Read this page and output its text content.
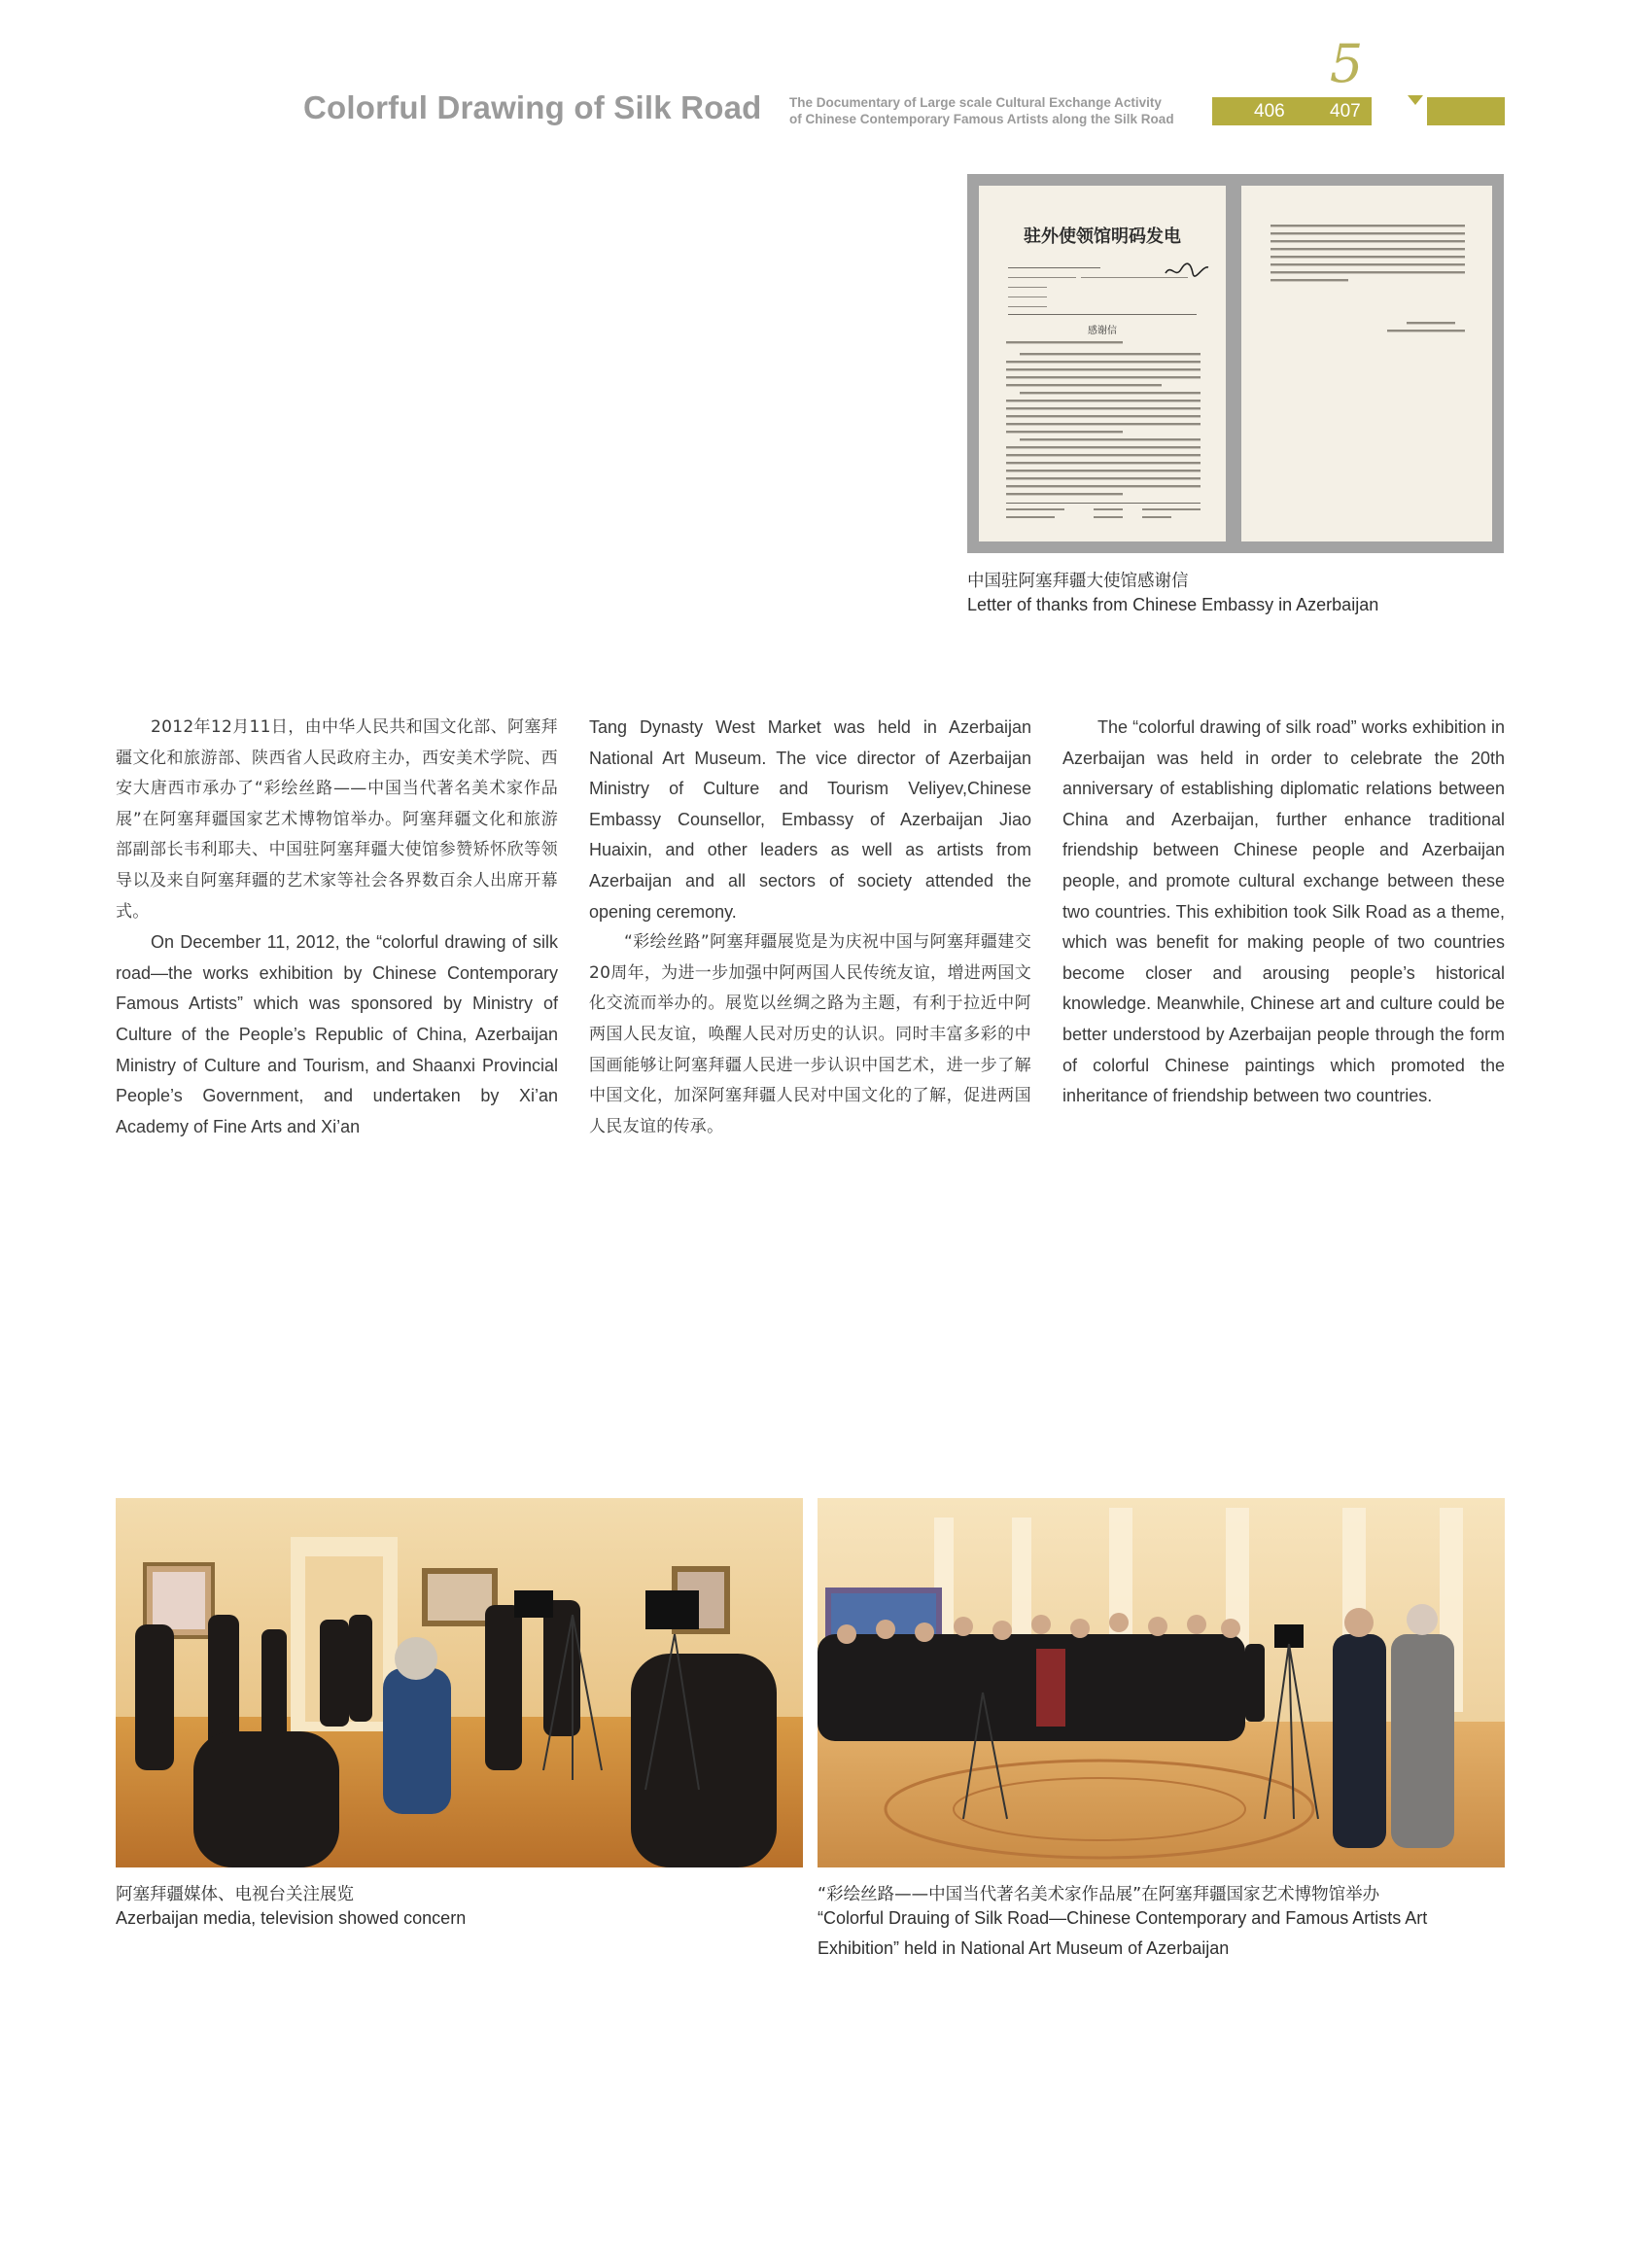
Colorful Drawing of Silk Road	The Documentary of Large scale Cultural Exchange Activity
of Chinese Contemporary Famous Artists along the Silk Road
5
406 407
驻外使领馆明码发电
感谢信
中国驻阿塞拜疆大使馆感谢信
Letter of thanks from Chinese Embassy in Azerbaijan

2012年12月11日，由中华人民共和国文化部、阿塞拜疆文化和旅游部、陕西省人民政府主办，西安美术学院、西安大唐西市承办了“彩绘丝路——中国当代著名美术家作品展”在阿塞拜疆国家艺术博物馆举办。阿塞拜疆文化和旅游部副部长韦利耶夫、中国驻阿塞拜疆大使馆参赞矫怀欣等领导以及来自阿塞拜疆的艺术家等社会各界数百余人出席开幕式。

On December 11, 2012, the “colorful drawing of silk road—the works exhibition by Chinese Contemporary Famous Artists” which was sponsored by Ministry of Culture of the People’s Republic of China, Azerbaijan Ministry of Culture and Tourism, and Shaanxi Provincial People’s Government, and undertaken by Xi’an Academy of Fine Arts and Xi’an

Tang Dynasty West Market was held in Azerbaijan National Art Museum. The vice director of Azerbaijan Ministry of Culture and Tourism Veliyev,Chinese Embassy Counsellor, Embassy of Azerbaijan Jiao Huaixin, and other leaders as well as artists from Azerbaijan and all sectors of society attended the opening ceremony.

“彩绘丝路”阿塞拜疆展览是为庆祝中国与阿塞拜疆建交20周年，为进一步加强中阿两国人民传统友谊，增进两国文化交流而举办的。展览以丝绸之路为主题，有利于拉近中阿两国人民友谊，唤醒人民对历史的认识。同时丰富多彩的中国画能够让阿塞拜疆人民进一步认识中国艺术，进一步了解中国文化，加深阿塞拜疆人民对中国文化的了解，促进两国人民友谊的传承。

The “colorful drawing of silk road” works exhibition in Azerbaijan was held in order to celebrate the 20th anniversary of establishing diplomatic relations between China and Azerbaijan, further enhance traditional friendship between Chinese people and Azerbaijan people, and promote cultural exchange between these two countries. This exhibition took Silk Road as a theme, which was benefit for making people of two countries become closer and arousing people’s historical knowledge. Meanwhile, Chinese art and culture could be better understood by Azerbaijan people through the form of colorful Chinese paintings which promoted the inheritance of friendship between two countries.

阿塞拜疆媒体、电视台关注展览
Azerbaijan media, television showed concern
“彩绘丝路——中国当代著名美术家作品展”在阿塞拜疆国家艺术博物馆举办
“Colorful Drauing of Silk Road—Chinese Contemporary and Famous Artists Art
Exhibition” held in National Art Museum of Azerbaijan
